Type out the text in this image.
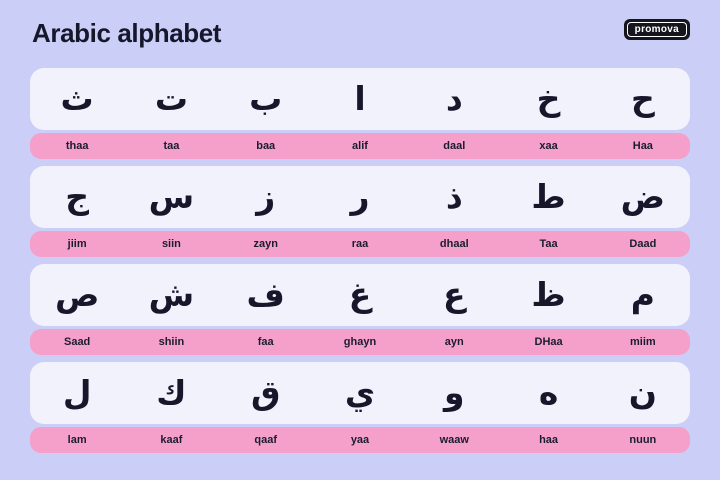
Arabic alphabet	promova
ث	ت	ب	ا	د	خ	ح
thaa	taa	baa	alif	daal	xaa	Haa
ج	س	ز	ر	ذ	ط	ض
jiim	siin	zayn	raa	dhaal	Taa	Daad
ص	ش	ف	غ	ع	ظ	م
Saad	shiin	faa	ghayn	ayn	DHaa	miim
ل	ك	ق	ي	و	ه	ن
lam	kaaf	qaaf	yaa	waaw	haa	nuun
